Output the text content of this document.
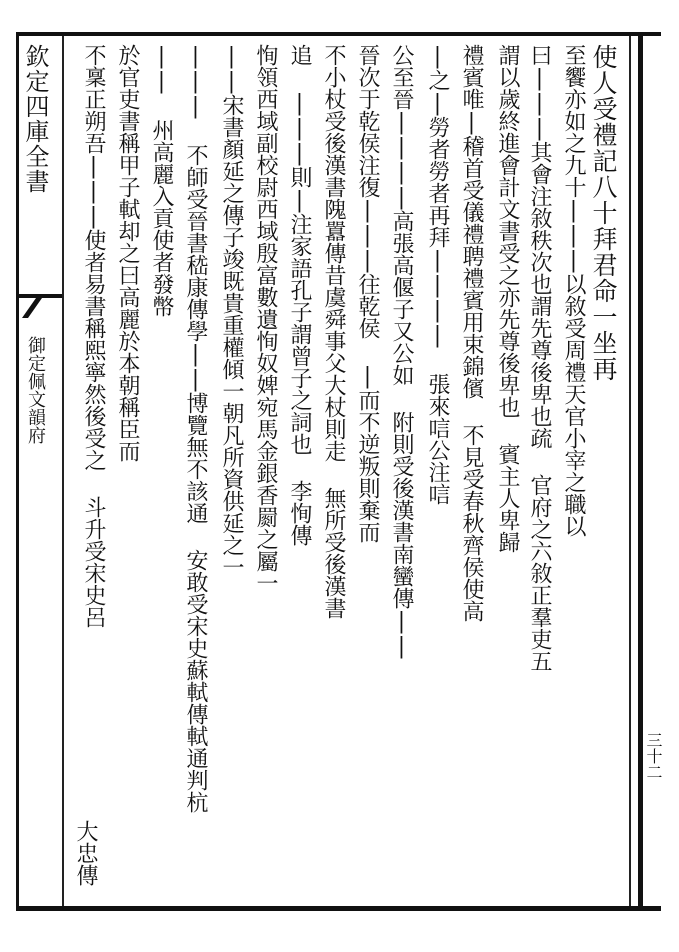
欽定四庫全書
御定佩文韻府
三十二
使人受禮記八十拜君命一坐再
至饗亦如之九十|||以敘受周禮天官小宰之職以
曰|||其會注敘秩次也謂先尊後卑也疏 官府之六敘正羣吏五
謂以歲終進會計文書受之亦先尊後卑也 賓主人卑歸
禮賓唯|稽首受儀禮聘禮賓用束錦儐 不見受春秋齊侯使高
|之|勞者勞者再拜|||| 張來唁公注唁
公至晉||||高張高偃子又公如 附則受後漢書南蠻傳||
晉次于乾侯注復|||往乾侯 |而不逆叛則棄而
不小杖受後漢書隗囂傳昔虞舜事父大杖則走 無所受後漢書
追 |||則|注家語孔子謂曾子之詞也 李恂傳
恂領西域副校尉西域殷富數遺恂奴婢宛馬金銀香罽之屬一
||宋書顏延之傳子竣既貴重權傾一朝凡所資供延之一
||| 不師受晉書嵇康傳學||博覽無不該通 安敢受宋史蘇軾傳軾通判杭
|| 州高麗入貢使者發幣
於官吏書稱甲子軾却之曰高麗於本朝稱臣而
不稟正朔吾|||使者易書稱熙寧然後受之 斗升受宋史呂
大忠傳
